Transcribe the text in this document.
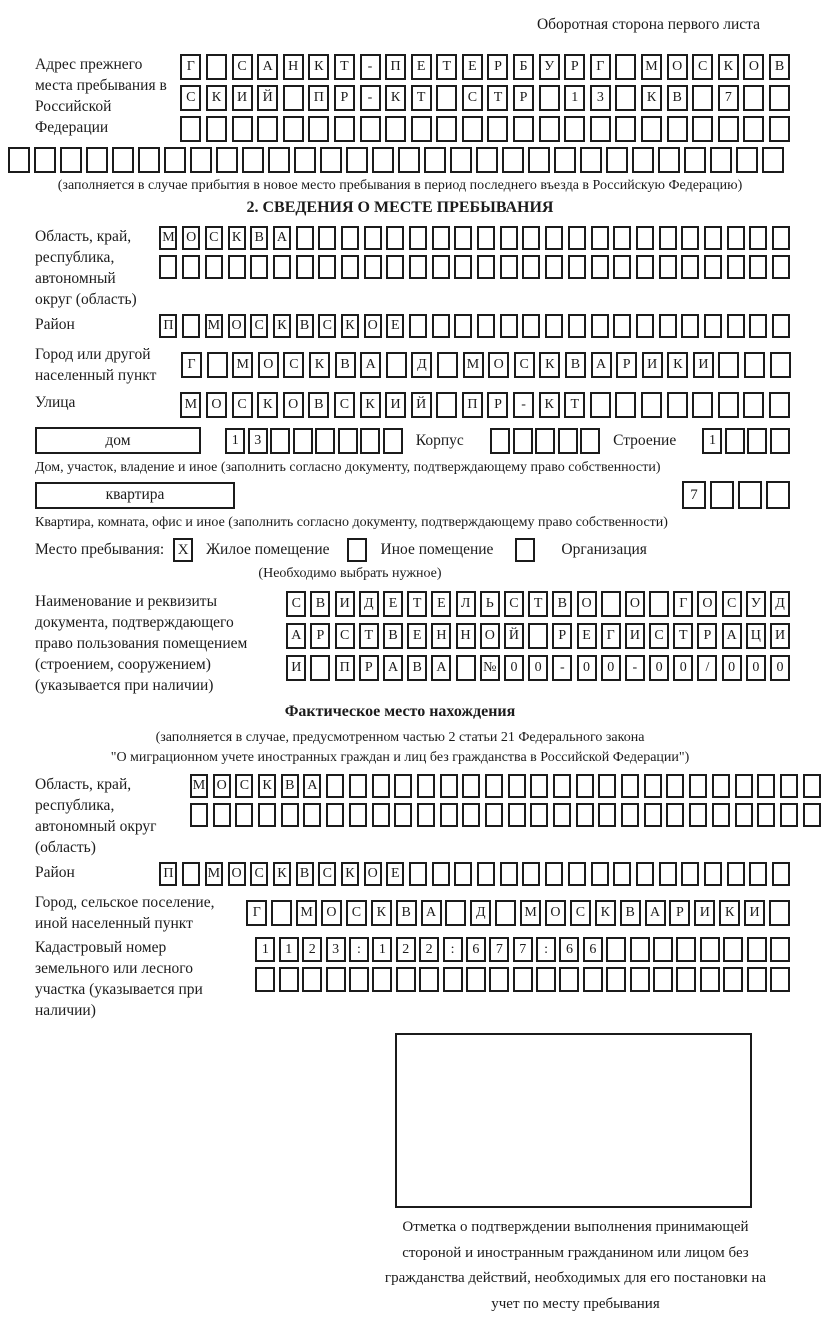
Оборотная сторона первого листа
Адрес прежнего места пребывания в Российской Федерации
Г	С	А	Н	К	Т	-	П	Е	Т	Е	Р	Б	У	Р	Г	М	О	С	К	О	В
С	К	И	Й	П	Р	-	К	Т	С	Т	Р	1	3	К	В	7
(заполняется в случае прибытия в новое место пребывания в период последнего въезда в Российскую Федерацию)
2. СВЕДЕНИЯ О МЕСТЕ ПРЕБЫВАНИЯ
Область, край, республика, автономный округ (область)
М О С К В А
Район	П М О С К В С К О Е
Город или другой населенный пункт
Г	М	О	С	К	В	А	Д	М	О	С	К	В	А	Р	И	К	И
Улица	М	О	С	К	О	В	С	К	И	Й	П	Р	-	К	Т
дом	1	3	Корпус	Строение	1
Дом, участок, владение и иное (заполнить согласно документу, подтверждающему право собственности)
квартира	7
Квартира, комната, офис и иное (заполнить согласно документу, подтверждающему право собственности)
Место пребывания: X Жилое помещение	Иное помещение	Организация
(Необходимо выбрать нужное)
Наименование и реквизиты документа, подтверждающего право пользования помещением (строением, сооружением) (указывается при наличии)
С	В	И	Д	Е	Т	Е	Л	Ь	С	Т	В	О	О	Г	О	С	У	Д
А	Р	С	Т	В	Е	Н	Н	О	Й	Р	Е	Г	И	С	Т	Р	А	Ц	И
И	П	Р	А	В	А	№	0	0	-	0	0	-	0	0	/	0	0	0
Фактическое место нахождения
(заполняется в случае, предусмотренном частью 2 статьи 21 Федерального закона
"О миграционном учете иностранных граждан и лиц без гражданства в Российской Федерации")
Область, край, республика, автономный округ (область)
М О С К В А
Район	П М О С К В С К О Е
Город, сельское поселение, иной населенный пункт
Г	М О	С	К	В	А	Д	М О	С	К	В	А	Р	И	К	И
Кадастровый номер земельного или лесного участка (указывается при наличии)
1	1	2	3	:	1	2	2	:	6	7	7	:	6	6
Отметка о подтверждении выполнения принимающей стороной и иностранным гражданином или лицом без гражданства действий, необходимых для его постановки на учет по месту пребывания
